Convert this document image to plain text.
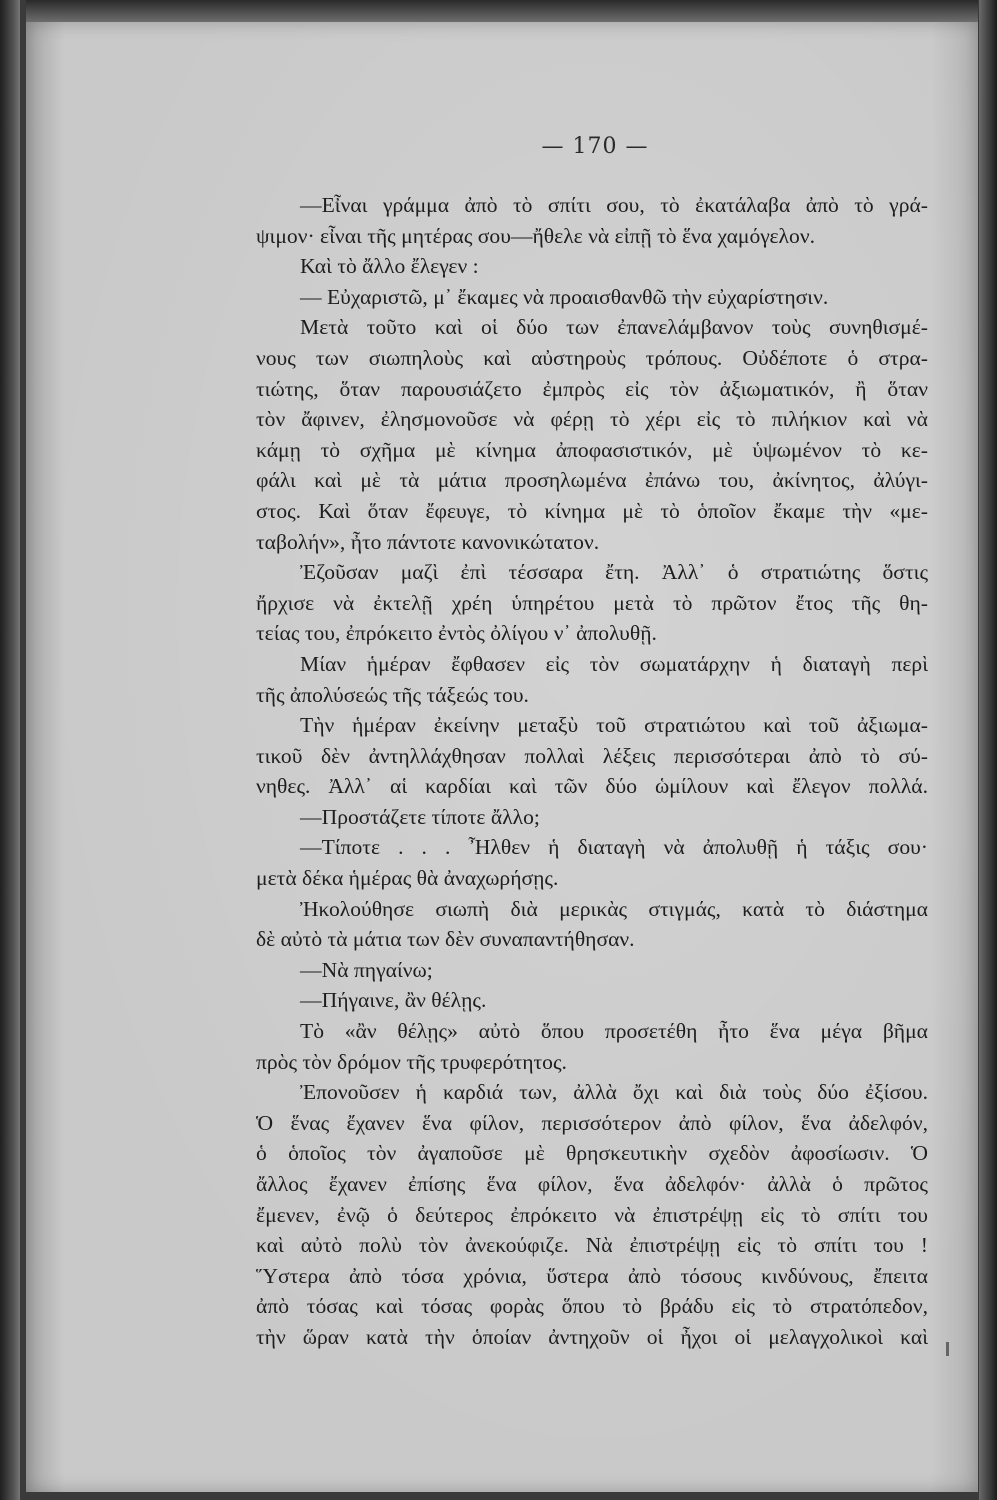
— 170 —
—Εἶναι γράμμα ἀπὸ τὸ σπίτι σου, τὸ ἐκατάλαβα ἀπὸ τὸ γρά-
ψιμον· εἶναι τῆς μητέρας σου—ἤθελε νὰ εἰπῇ τὸ ἕνα χαμόγελον.
Καὶ τὸ ἄλλο ἔλεγεν :
— Εὐχαριστῶ, μ᾽ ἔκαμες νὰ προαισθανθῶ τὴν εὐχαρίστησιν.
Μετὰ τοῦτο καὶ οἱ δύο των ἐπανελάμβανον τοὺς συνηθισμέ-
νους των σιωπηλοὺς καὶ αὐστηροὺς τρόπους. Οὐδέποτε ὁ στρα-
τιώτης, ὅταν παρουσιάζετο ἐμπρὸς εἰς τὸν ἀξιωματικόν, ἢ ὅταν
τὸν ἄφινεν, ἐλησμονοῦσε νὰ φέρῃ τὸ χέρι εἰς τὸ πιλήκιον καὶ νὰ
κάμῃ τὸ σχῆμα μὲ κίνημα ἀποφασιστικόν, μὲ ὑψωμένον τὸ κε-
φάλι καὶ μὲ τὰ μάτια προσηλωμένα ἐπάνω του, ἀκίνητος, ἀλύγι-
στος. Καὶ ὅταν ἔφευγε, τὸ κίνημα μὲ τὸ ὁποῖον ἔκαμε τὴν «με-
ταβολήν», ἦτο πάντοτε κανονικώτατον.
Ἐζοῦσαν μαζὶ ἐπὶ τέσσαρα ἔτη. Ἀλλ᾽ ὁ στρατιώτης ὅστις
ἤρχισε νὰ ἐκτελῇ χρέη ὑπηρέτου μετὰ τὸ πρῶτον ἔτος τῆς θη-
τείας του, ἐπρόκειτο ἐντὸς ὀλίγου ν᾽ ἀπολυθῇ.
Μίαν ἡμέραν ἔφθασεν εἰς τὸν σωματάρχην ἡ διαταγὴ περὶ
τῆς ἀπολύσεώς τῆς τάξεώς του.
Τὴν ἡμέραν ἐκείνην μεταξὺ τοῦ στρατιώτου καὶ τοῦ ἀξιωμα-
τικοῦ δὲν ἀντηλλάχθησαν πολλαὶ λέξεις περισσότεραι ἀπὸ τὸ σύ-
νηθες. Ἀλλ᾽ αἱ καρδίαι καὶ τῶν δύο ὡμίλουν καὶ ἔλεγον πολλά.
—Προστάζετε τίποτε ἄλλο;
—Τίποτε . . . Ἦλθεν ἡ διαταγὴ νὰ ἀπολυθῇ ἡ τάξις σου·
μετὰ δέκα ἡμέρας θὰ ἀναχωρήσῃς.
Ἠκολούθησε σιωπὴ διὰ μερικὰς στιγμάς, κατὰ τὸ διάστημα
δὲ αὐτὸ τὰ μάτια των δὲν συναπαντήθησαν.
—Νὰ πηγαίνω;
—Πήγαινε, ἂν θέλῃς.
Τὸ «ἂν θέλῃς» αὐτὸ ὅπου προσετέθη ἦτο ἕνα μέγα βῆμα
πρὸς τὸν δρόμον τῆς τρυφερότητος.
Ἐπονοῦσεν ἡ καρδιά των, ἀλλὰ ὄχι καὶ διὰ τοὺς δύο ἐξίσου.
Ὁ ἕνας ἔχανεν ἕνα φίλον, περισσότερον ἀπὸ φίλον, ἕνα ἀδελφόν,
ὁ ὁποῖος τὸν ἀγαποῦσε μὲ θρησκευτικὴν σχεδὸν ἀφοσίωσιν. Ὁ
ἄλλος ἔχανεν ἐπίσης ἕνα φίλον, ἕνα ἀδελφόν· ἀλλὰ ὁ πρῶτος
ἔμενεν, ἐνῷ ὁ δεύτερος ἐπρόκειτο νὰ ἐπιστρέψῃ εἰς τὸ σπίτι του
καὶ αὐτὸ πολὺ τὸν ἀνεκούφιζε. Νὰ ἐπιστρέψῃ εἰς τὸ σπίτι του !
Ὕστερα ἀπὸ τόσα χρόνια, ὕστερα ἀπὸ τόσους κινδύνους, ἔπειτα
ἀπὸ τόσας καὶ τόσας φορὰς ὅπου τὸ βράδυ εἰς τὸ στρατόπεδον,
τὴν ὥραν κατὰ τὴν ὁποίαν ἀντηχοῦν οἱ ἦχοι οἱ μελαγχολικοὶ καὶ
